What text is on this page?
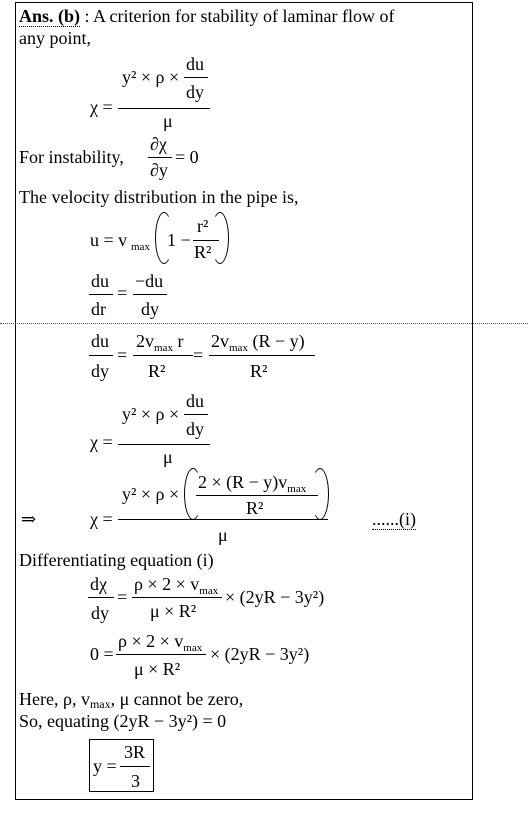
Ans. (b) : A criterion for stability of laminar flow of
any point,
y² × ρ ×
du
dy
χ =
μ
For instability,
∂χ
∂y
= 0
The velocity distribution in the pipe is,
u = v max 1 −
r²
R²
du
dr
=
−du
dy
du
dy
=
$2v_{max}$ r
R²
=
$2v_{max}$ (R − y)
R²
y² × ρ ×
du
dy
χ =
μ
⇒	χ =
y² × ρ ×
$2 \times (R - y)v_{max}$
R²
μ
......(i)
Differentiating equation (i)
dχ
dy
=
$\rho \times 2 \times v_{max}$
μ × R²
× (2yR − 3y²)
0 =
$\rho \times 2 \times v_{max}$
μ × R²
× (2yR − 3y²)
Here, ρ, vmax, μ cannot be zero,
So, equating (2yR − 3y²) = 0
y =
3R
3
